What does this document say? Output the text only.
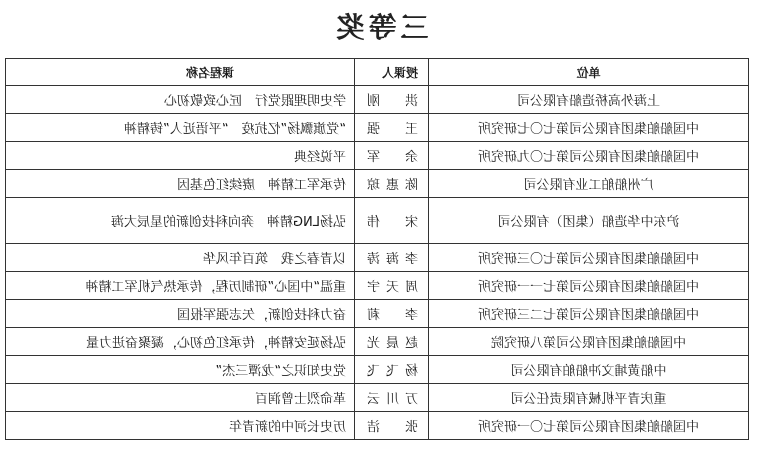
三等奖
单位	授课人	课程名称
上海外高桥造船有限公司	洪　刚	学史明理跟党行　匠心致敬初心
中国船舶集团有限公司第七〇七研究所	王　强	“党旗飘扬”忆抗疫　“平语近人”铸精神
中国船舶集团有限公司第七〇九研究所	余　军	平说经典
广州船舶工业有限公司	陈惠琼	传承军工精神　赓续红色基因
沪东中华造船（集团）有限公司	宋　伟	弘扬LNG精神　奔向科技创新的星辰大海
中国船舶集团有限公司第七〇三研究所	李海涛	以青春之我　筑百年风华
中国船舶集团有限公司第七一一研究所	周天宇	重温“中国心”研制历程，传承热气机军工精神
中国船舶集团有限公司第七二三研究所	李　莉	奋力科技创新，矢志强军报国
中国船舶集团有限公司第八研究院	赵晨光	弘扬延安精神，传承红色初心，凝聚奋进力量
中船黄埔文冲船舶有限公司	杨飞飞	党史知识之“龙潭三杰”
重庆青平机械有限责任公司	万川云	革命烈士曾润百
中国船舶集团有限公司第七〇一研究所	张　洁	历史长河中的新青年
